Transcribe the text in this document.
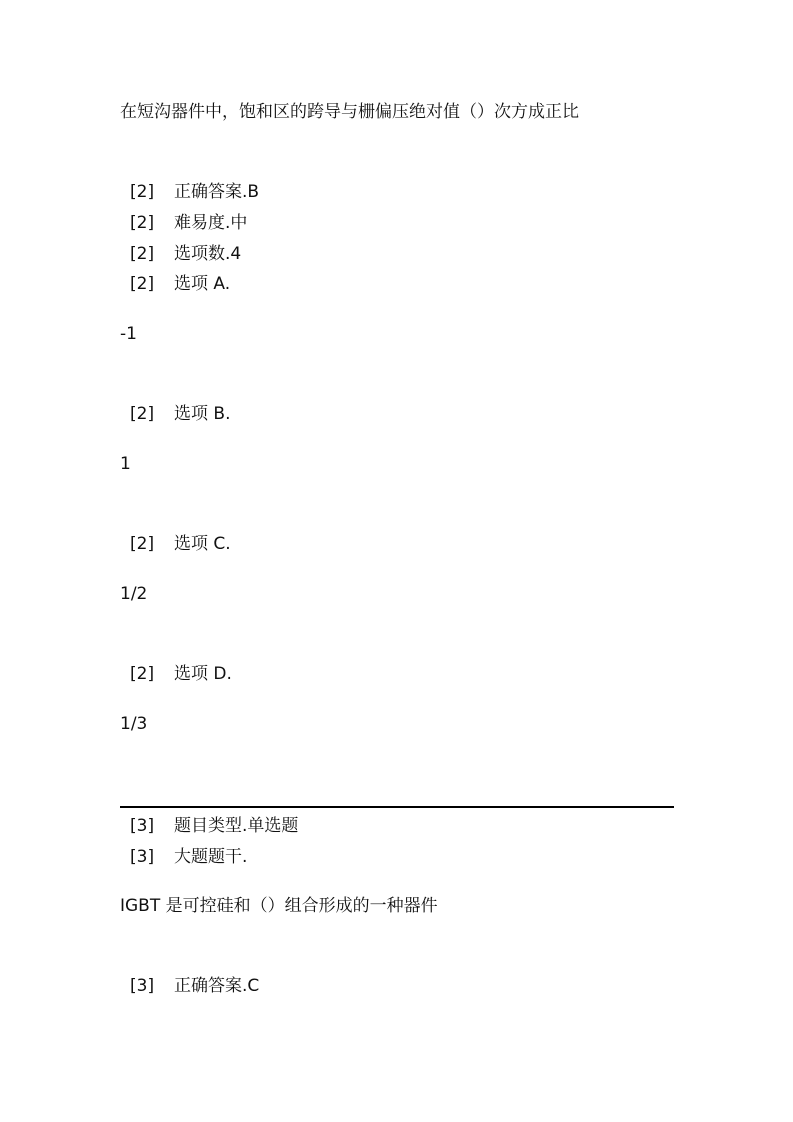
在短沟器件中，饱和区的跨导与栅偏压绝对值（）次方成正比
[2] 正确答案.B
[2] 难易度.中
[2] 选项数.4
[2] 选项 A.
-1
[2] 选项 B.
1
[2] 选项 C.
1/2
[2] 选项 D.
1/3
[3] 题目类型.单选题
[3] 大题题干.
IGBT 是可控硅和（）组合形成的一种器件
[3] 正确答案.C
